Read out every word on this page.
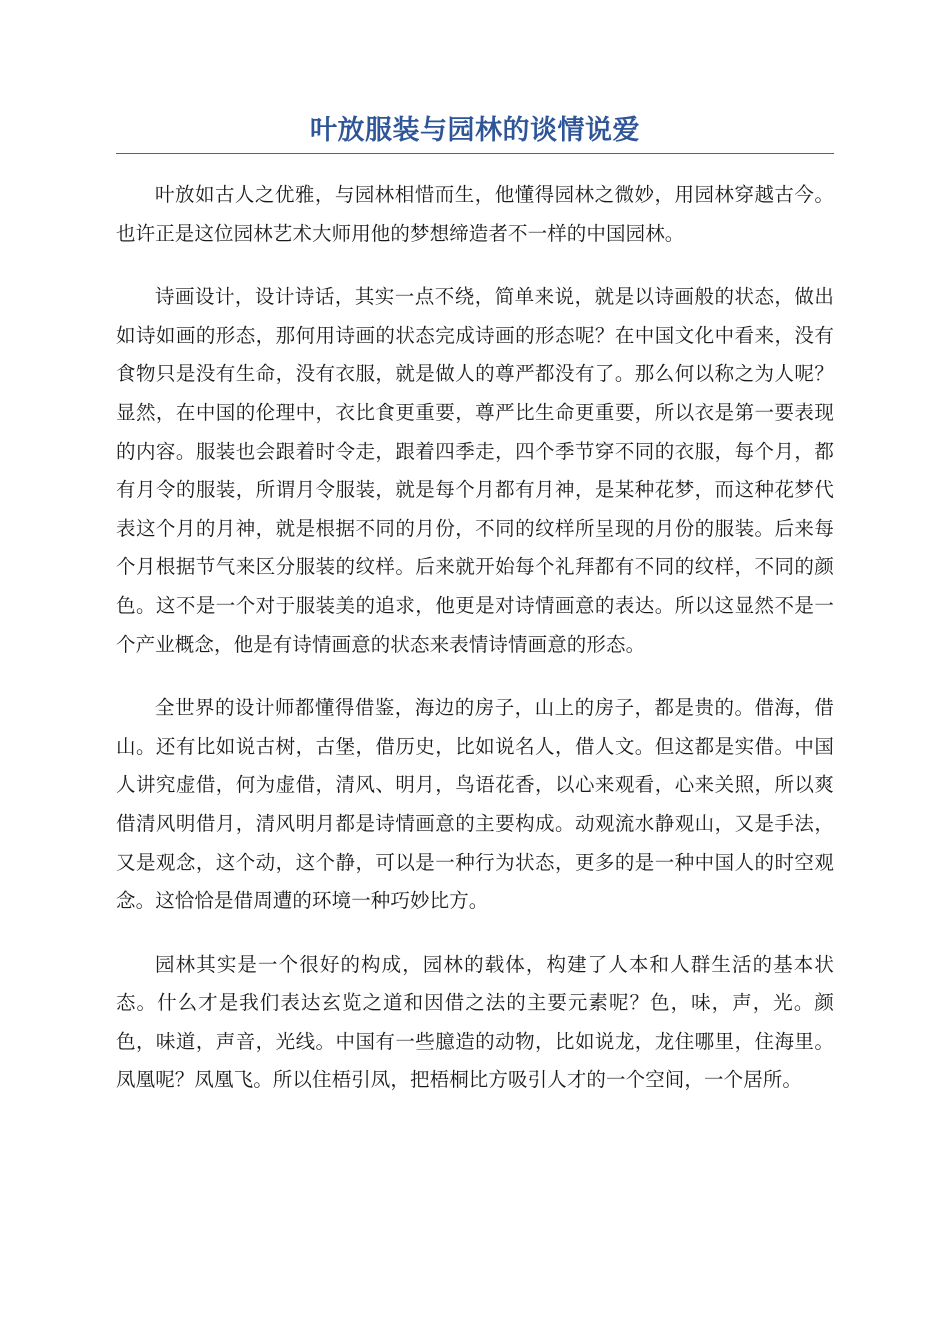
叶放服装与园林的谈情说爱

叶放如古人之优雅，与园林相惜而生，他懂得园林之微妙，用园林穿越古今。也许正是这位园林艺术大师用他的梦想缔造者不一样的中国园林。

诗画设计，设计诗话，其实一点不绕，简单来说，就是以诗画般的状态，做出如诗如画的形态，那何用诗画的状态完成诗画的形态呢？在中国文化中看来，没有食物只是没有生命，没有衣服，就是做人的尊严都没有了。那么何以称之为人呢？显然，在中国的伦理中，衣比食更重要，尊严比生命更重要，所以衣是第一要表现的内容。服装也会跟着时令走，跟着四季走，四个季节穿不同的衣服，每个月，都有月令的服装，所谓月令服装，就是每个月都有月神，是某种花梦，而这种花梦代表这个月的月神，就是根据不同的月份，不同的纹样所呈现的月份的服装。后来每个月根据节气来区分服装的纹样。后来就开始每个礼拜都有不同的纹样，不同的颜色。这不是一个对于服装美的追求，他更是对诗情画意的表达。所以这显然不是一个产业概念，他是有诗情画意的状态来表情诗情画意的形态。

全世界的设计师都懂得借鉴，海边的房子，山上的房子，都是贵的。借海，借山。还有比如说古树，古堡，借历史，比如说名人，借人文。但这都是实借。中国人讲究虚借，何为虚借，清风、明月，鸟语花香，以心来观看，心来关照，所以爽借清风明借月，清风明月都是诗情画意的主要构成。动观流水静观山，又是手法，又是观念，这个动，这个静，可以是一种行为状态，更多的是一种中国人的时空观念。这恰恰是借周遭的环境一种巧妙比方。

园林其实是一个很好的构成，园林的载体，构建了人本和人群生活的基本状态。什么才是我们表达玄览之道和因借之法的主要元素呢？色，味，声，光。颜色，味道，声音，光线。中国有一些臆造的动物，比如说龙，龙住哪里，住海里。凤凰呢？凤凰飞。所以住梧引凤，把梧桐比方吸引人才的一个空间，一个居所。
